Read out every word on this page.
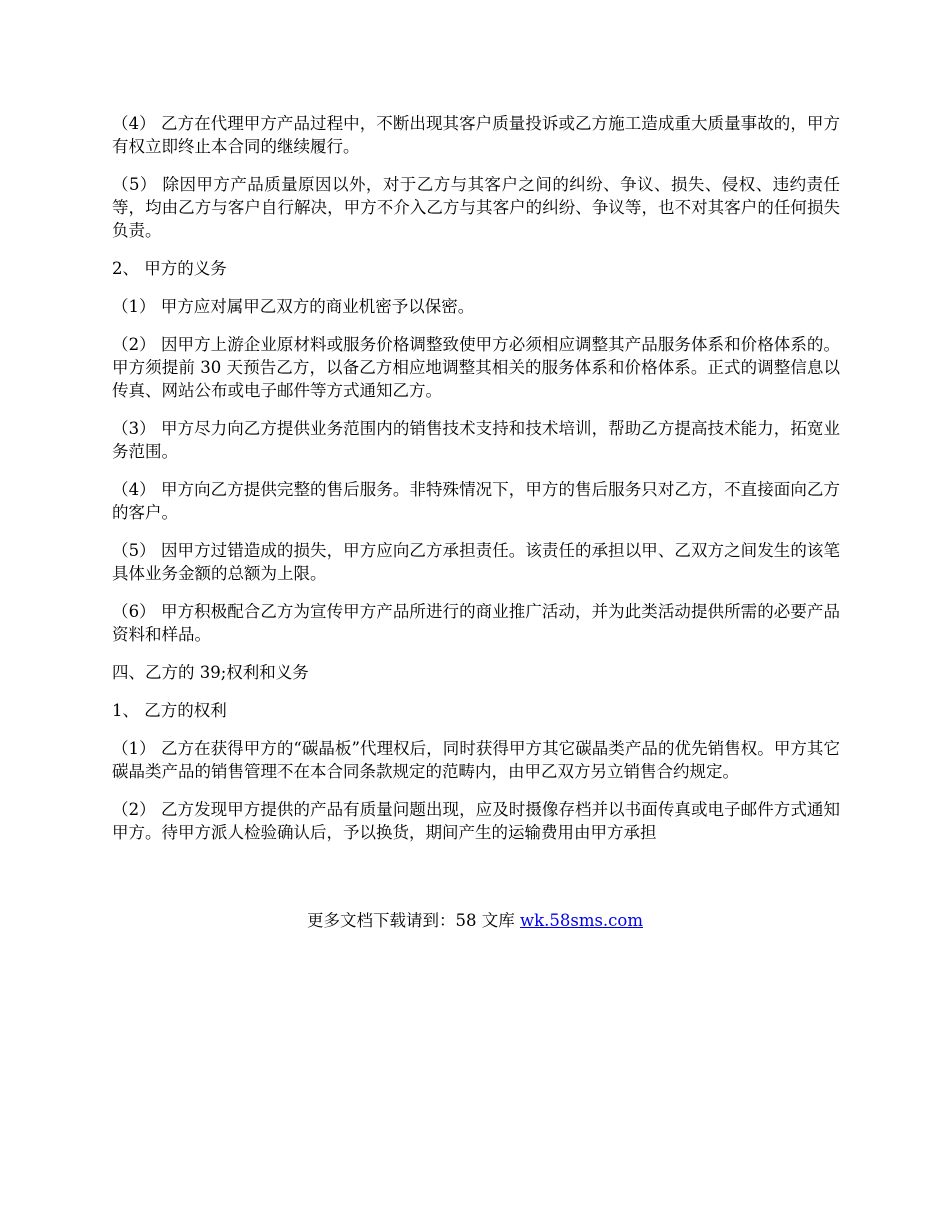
（4） 乙方在代理甲方产品过程中，不断出现其客户质量投诉或乙方施工造成重大质量事故的，甲方有权立即终止本合同的继续履行。

（5） 除因甲方产品质量原因以外，对于乙方与其客户之间的纠纷、争议、损失、侵权、违约责任等，均由乙方与客户自行解决，甲方不介入乙方与其客户的纠纷、争议等，也不对其客户的任何损失负责。

2、 甲方的义务

（1） 甲方应对属甲乙双方的商业机密予以保密。

（2） 因甲方上游企业原材料或服务价格调整致使甲方必须相应调整其产品服务体系和价格体系的。甲方须提前 30 天预告乙方，以备乙方相应地调整其相关的服务体系和价格体系。正式的调整信息以传真、网站公布或电子邮件等方式通知乙方。

（3） 甲方尽力向乙方提供业务范围内的销售技术支持和技术培训，帮助乙方提高技术能力，拓宽业务范围。

（4） 甲方向乙方提供完整的售后服务。非特殊情况下，甲方的售后服务只对乙方，不直接面向乙方的客户。

（5） 因甲方过错造成的损失，甲方应向乙方承担责任。该责任的承担以甲、乙双方之间发生的该笔具体业务金额的总额为上限。

（6） 甲方积极配合乙方为宣传甲方产品所进行的商业推广活动，并为此类活动提供所需的必要产品资料和样品。

四、乙方的 39;权利和义务

1、 乙方的权利

（1） 乙方在获得甲方的“碳晶板”代理权后，同时获得甲方其它碳晶类产品的优先销售权。甲方其它碳晶类产品的销售管理不在本合同条款规定的范畴内，由甲乙双方另立销售合约规定。

（2） 乙方发现甲方提供的产品有质量问题出现，应及时摄像存档并以书面传真或电子邮件方式通知甲方。待甲方派人检验确认后，予以换货，期间产生的运输费用由甲方承担

更多文档下载请到：58 文库 wk.58sms.com
